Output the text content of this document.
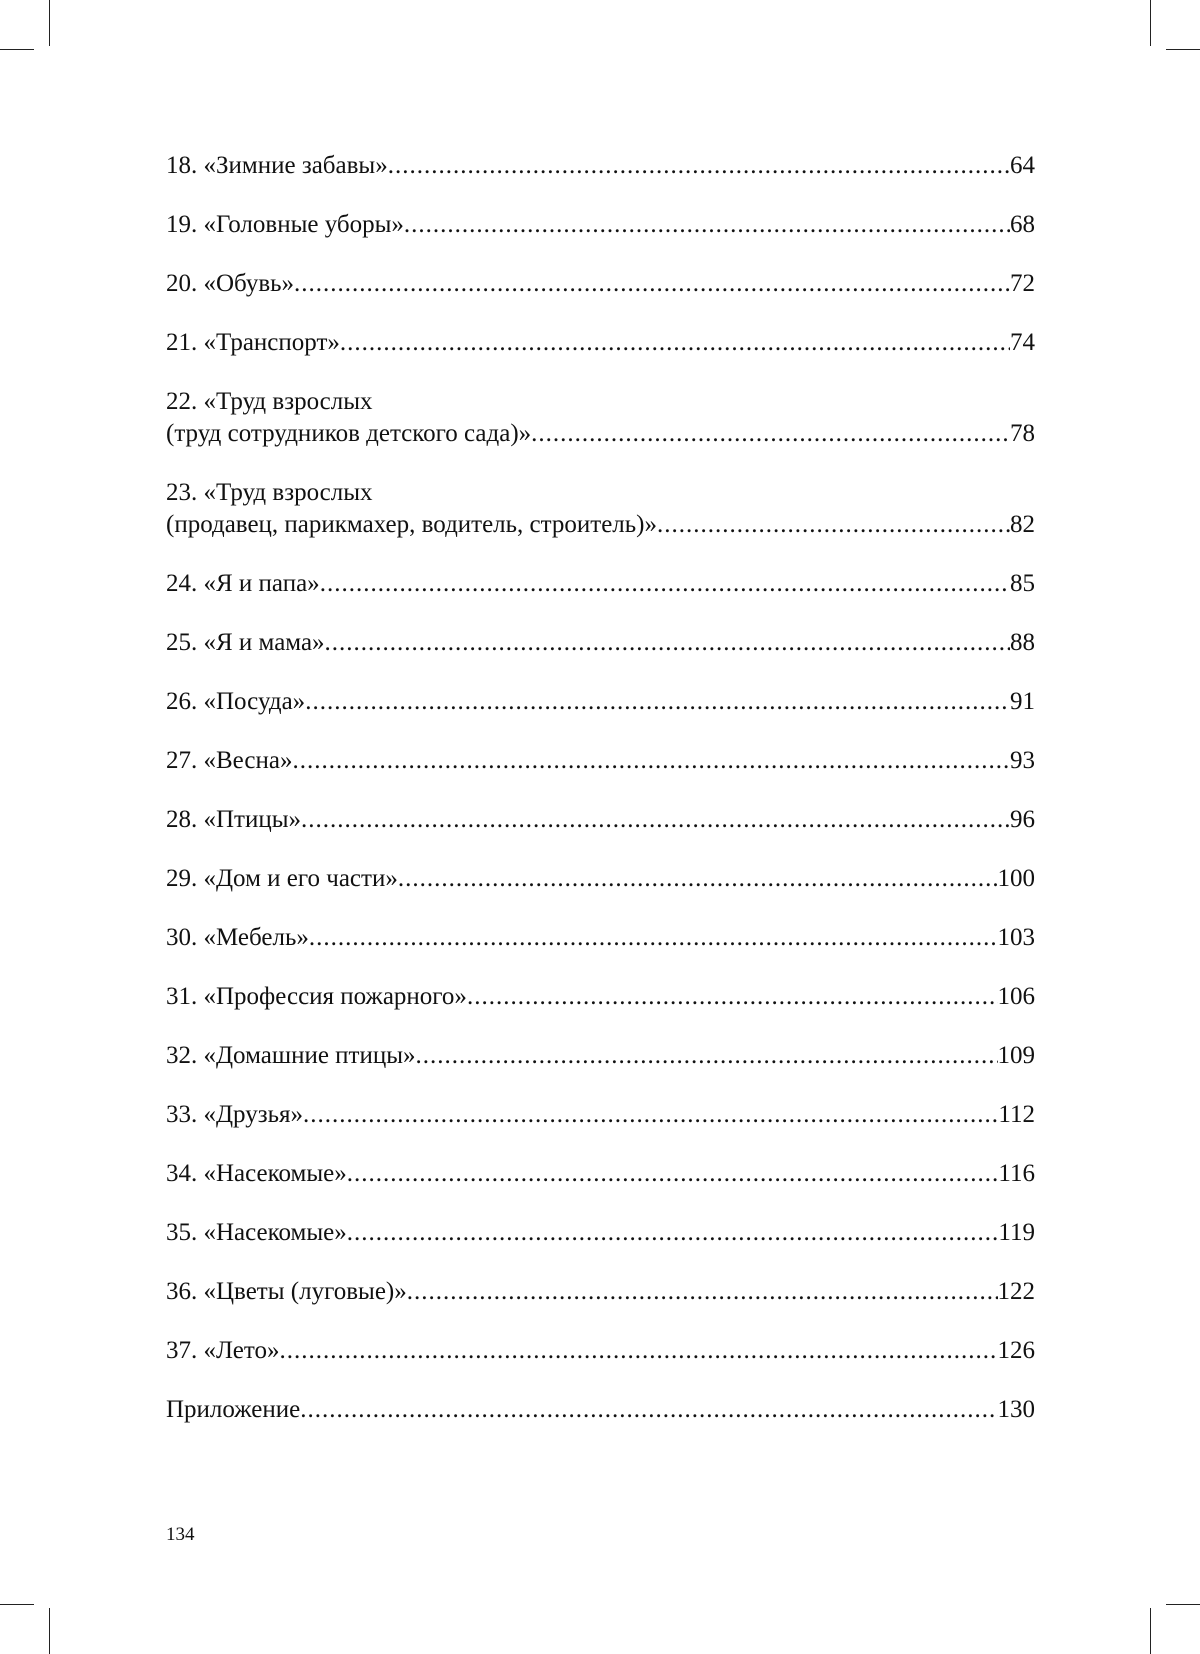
18. «Зимние забавы» .....	64
19. «Головные уборы» .....	68
20. «Обувь» .....	72
21. «Транспорт» .....	74
22. «Труд взрослых
(труд сотрудников детского сада)» .....	78
23. «Труд взрослых
(продавец, парикмахер, водитель, строитель)» .....	82
24. «Я и папа» .....	85
25. «Я и мама» .....	88
26. «Посуда» .....	91
27. «Весна» .....	93
28. «Птицы» .....	96
29. «Дом и его части» .....	100
30. «Мебель» .....	103
31. «Профессия пожарного» .....	106
32. «Домашние птицы» .....	109
33. «Друзья» .....	112
34. «Насекомые» .....	116
35. «Насекомые» .....	119
36. «Цветы (луговые)» .....	122
37. «Лето» .....	126
Приложение .....	130
134
